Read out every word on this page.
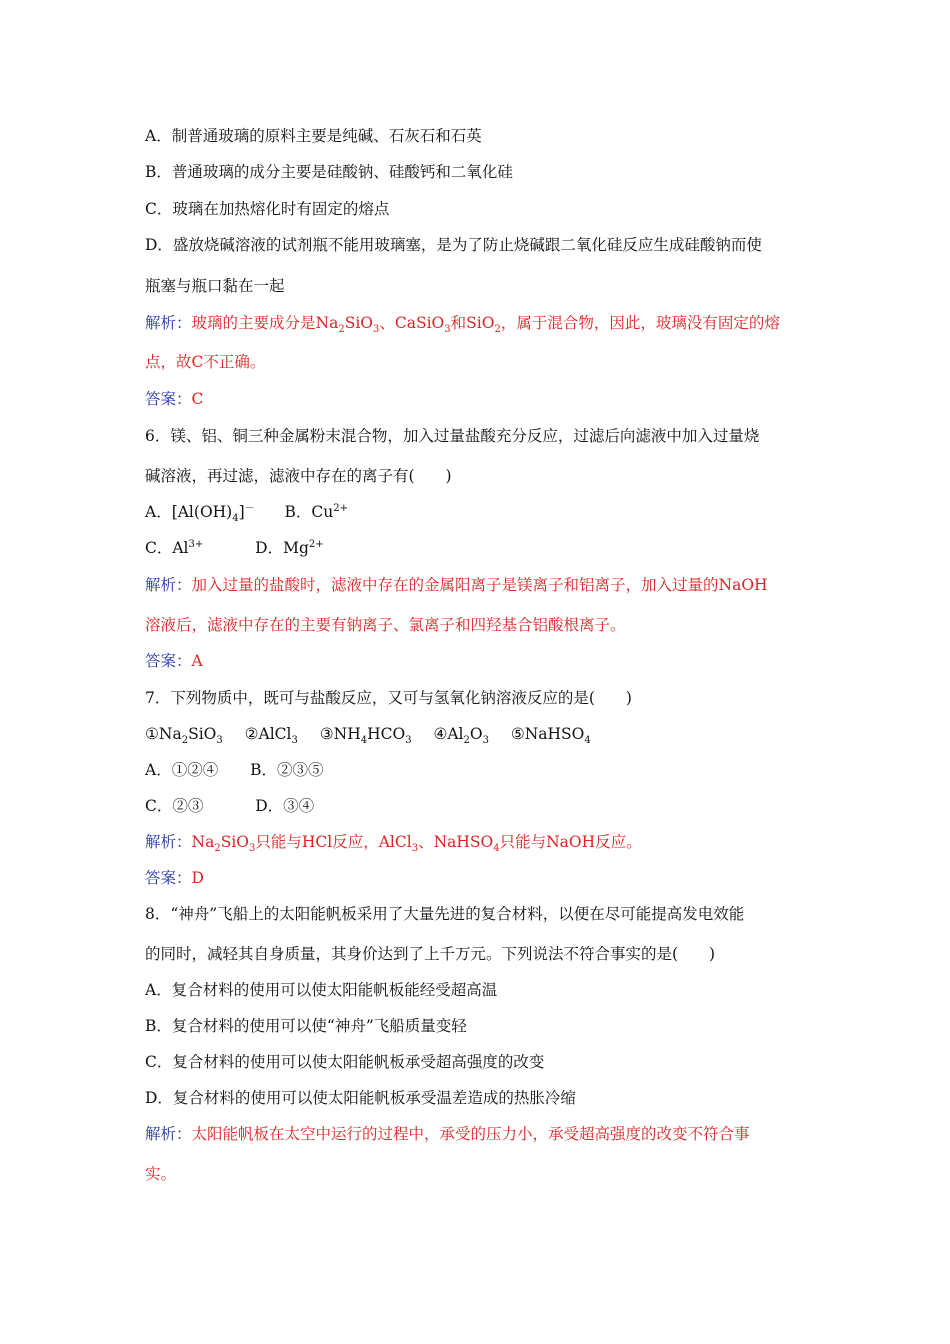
A．制普通玻璃的原料主要是纯碱、石灰石和石英
B．普通玻璃的成分主要是硅酸钠、硅酸钙和二氧化硅
C．玻璃在加热熔化时有固定的熔点
D．盛放烧碱溶液的试剂瓶不能用玻璃塞，是为了防止烧碱跟二氧化硅反应生成硅酸钠而使
瓶塞与瓶口黏在一起
解析：玻璃的主要成分是$Na_2SiO_3$、CaSiO$_3$和SiO$_2$，属于混合物，因此，玻璃没有固定的熔
点，故C不正确。
答案：C
6．镁、铝、铜三种金属粉末混合物，加入过量盐酸充分反应，过滤后向滤液中加入过量烧
碱溶液，再过滤，滤液中存在的离子有(　　)
A．$[Al(OH)_4]^-$ B．$Cu^{2+}$
C．$Al^{3+}$	D．$Mg^{2+}$
解析：加入过量的盐酸时，滤液中存在的金属阳离子是镁离子和铝离子，加入过量的NaOH
溶液后，滤液中存在的主要有钠离子、氯离子和四羟基合铝酸根离子。
答案：A
7．下列物质中，既可与盐酸反应，又可与氢氧化钠溶液反应的是(　　)
$①Na_2SiO_3$ ②AlCl$_3$ $③NH_4HCO_3$ $④Al_2O_3$ ⑤NaHSO$_4$
A．①②④ B．②③⑤
C．②③	D．③④
解析：$Na_2SiO_3$只能与HCl反应，AlCl$_3$、NaHSO$_4$只能与NaOH反应。
答案：D
8．“神舟”飞船上的太阳能帆板采用了大量先进的复合材料，以便在尽可能提高发电效能
的同时，减轻其自身质量，其身价达到了上千万元。下列说法不符合事实的是(　　)
A．复合材料的使用可以使太阳能帆板能经受超高温
B．复合材料的使用可以使“神舟”飞船质量变轻
C．复合材料的使用可以使太阳能帆板承受超高强度的改变
D．复合材料的使用可以使太阳能帆板承受温差造成的热胀冷缩
解析：太阳能帆板在太空中运行的过程中，承受的压力小，承受超高强度的改变不符合事
实。
